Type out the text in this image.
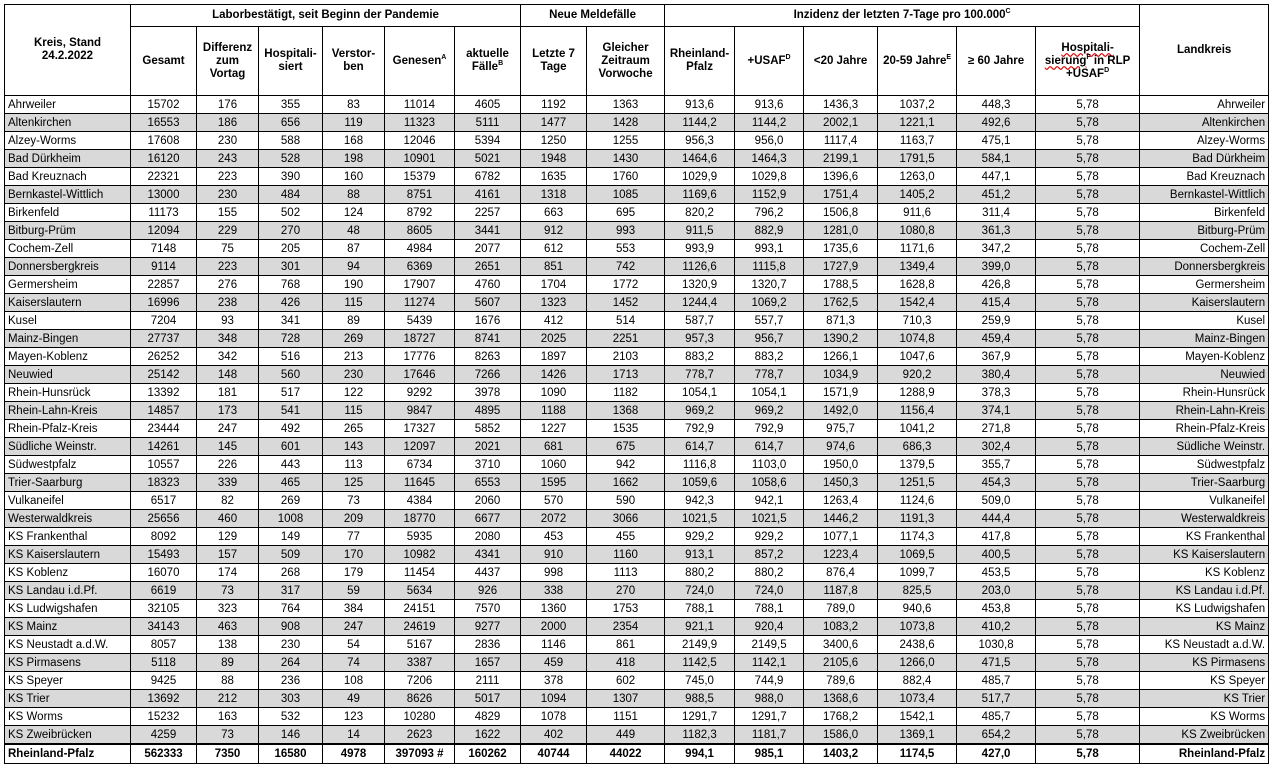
Kreis, Stand
24.2.2022	Laborbestätigt, seit Beginn der Pandemie						Neue Meldefälle		Inzidenz der letzten 7-Tage pro $100.000^C$						Landkreis
	Gesamt	Differenz zum Vortag	Hospitali-siert	Verstor-ben	Genesen$^A$	aktuelle Fälle$^B$	Letzte 7 Tage	Gleicher Zeitraum Vorwoche	Rheinland-Pfalz	$+USAF^D$	<20 Jahre	20-59 Jahre$^E$	≥ 60 Jahre	Hospitali-sierung$^F$ in RLP $+USAF^D$
Ahrweiler	15702	176	355	83	11014	4605	1192	1363	913,6	913,6	1436,3	1037,2	448,3	5,78	Ahrweiler
Altenkirchen	16553	186	656	119	11323	5111	1477	1428	1144,2	1144,2	2002,1	1221,1	492,6	5,78	Altenkirchen
Alzey-Worms	17608	230	588	168	12046	5394	1250	1255	956,3	956,0	1117,4	1163,7	475,1	5,78	Alzey-Worms
Bad Dürkheim	16120	243	528	198	10901	5021	1948	1430	1464,6	1464,3	2199,1	1791,5	584,1	5,78	Bad Dürkheim
Bad Kreuznach	22321	223	390	160	15379	6782	1635	1760	1029,9	1029,8	1396,6	1263,0	447,1	5,78	Bad Kreuznach
Bernkastel-Wittlich	13000	230	484	88	8751	4161	1318	1085	1169,6	1152,9	1751,4	1405,2	451,2	5,78	Bernkastel-Wittlich
Birkenfeld	11173	155	502	124	8792	2257	663	695	820,2	796,2	1506,8	911,6	311,4	5,78	Birkenfeld
Bitburg-Prüm	12094	229	270	48	8605	3441	912	993	911,5	882,9	1281,0	1080,8	361,3	5,78	Bitburg-Prüm
Cochem-Zell	7148	75	205	87	4984	2077	612	553	993,9	993,1	1735,6	1171,6	347,2	5,78	Cochem-Zell
Donnersbergkreis	9114	223	301	94	6369	2651	851	742	1126,6	1115,8	1727,9	1349,4	399,0	5,78	Donnersbergkreis
Germersheim	22857	276	768	190	17907	4760	1704	1772	1320,9	1320,7	1788,5	1628,8	426,8	5,78	Germersheim
Kaiserslautern	16996	238	426	115	11274	5607	1323	1452	1244,4	1069,2	1762,5	1542,4	415,4	5,78	Kaiserslautern
Kusel	7204	93	341	89	5439	1676	412	514	587,7	557,7	871,3	710,3	259,9	5,78	Kusel
Mainz-Bingen	27737	348	728	269	18727	8741	2025	2251	957,3	956,7	1390,2	1074,8	459,4	5,78	Mainz-Bingen
Mayen-Koblenz	26252	342	516	213	17776	8263	1897	2103	883,2	883,2	1266,1	1047,6	367,9	5,78	Mayen-Koblenz
Neuwied	25142	148	560	230	17646	7266	1426	1713	778,7	778,7	1034,9	920,2	380,4	5,78	Neuwied
Rhein-Hunsrück	13392	181	517	122	9292	3978	1090	1182	1054,1	1054,1	1571,9	1288,9	378,3	5,78	Rhein-Hunsrück
Rhein-Lahn-Kreis	14857	173	541	115	9847	4895	1188	1368	969,2	969,2	1492,0	1156,4	374,1	5,78	Rhein-Lahn-Kreis
Rhein-Pfalz-Kreis	23444	247	492	265	17327	5852	1227	1535	792,9	792,9	975,7	1041,2	271,8	5,78	Rhein-Pfalz-Kreis
Südliche Weinstr.	14261	145	601	143	12097	2021	681	675	614,7	614,7	974,6	686,3	302,4	5,78	Südliche Weinstr.
Südwestpfalz	10557	226	443	113	6734	3710	1060	942	1116,8	1103,0	1950,0	1379,5	355,7	5,78	Südwestpfalz
Trier-Saarburg	18323	339	465	125	11645	6553	1595	1662	1059,6	1058,6	1450,3	1251,5	454,3	5,78	Trier-Saarburg
Vulkaneifel	6517	82	269	73	4384	2060	570	590	942,3	942,1	1263,4	1124,6	509,0	5,78	Vulkaneifel
Westerwaldkreis	25656	460	1008	209	18770	6677	2072	3066	1021,5	1021,5	1446,2	1191,3	444,4	5,78	Westerwaldkreis
KS Frankenthal	8092	129	149	77	5935	2080	453	455	929,2	929,2	1077,1	1174,3	417,8	5,78	KS Frankenthal
KS Kaiserslautern	15493	157	509	170	10982	4341	910	1160	913,1	857,2	1223,4	1069,5	400,5	5,78	KS Kaiserslautern
KS Koblenz	16070	174	268	179	11454	4437	998	1113	880,2	880,2	876,4	1099,7	453,5	5,78	KS Koblenz
KS Landau i.d.Pf.	6619	73	317	59	5634	926	338	270	724,0	724,0	1187,8	825,5	203,0	5,78	KS Landau i.d.Pf.
KS Ludwigshafen	32105	323	764	384	24151	7570	1360	1753	788,1	788,1	789,0	940,6	453,8	5,78	KS Ludwigshafen
KS Mainz	34143	463	908	247	24619	9277	2000	2354	921,1	920,4	1083,2	1073,8	410,2	5,78	KS Mainz
KS Neustadt a.d.W.	8057	138	230	54	5167	2836	1146	861	2149,9	2149,5	3400,6	2438,6	1030,8	5,78	KS Neustadt a.d.W.
KS Pirmasens	5118	89	264	74	3387	1657	459	418	1142,5	1142,1	2105,6	1266,0	471,5	5,78	KS Pirmasens
KS Speyer	9425	88	236	108	7206	2111	378	602	745,0	744,9	789,6	882,4	485,7	5,78	KS Speyer
KS Trier	13692	212	303	49	8626	5017	1094	1307	988,5	988,0	1368,6	1073,4	517,7	5,78	KS Trier
KS Worms	15232	163	532	123	10280	4829	1078	1151	1291,7	1291,7	1768,2	1542,1	485,7	5,78	KS Worms
KS Zweibrücken	4259	73	146	14	2623	1622	402	449	1182,3	1181,7	1586,0	1369,1	654,2	5,78	KS Zweibrücken
Rheinland-Pfalz	562333	7350	16580	4978	397093 #	160262	40744	44022	994,1	985,1	1403,2	1174,5	427,0	5,78	Rheinland-Pfalz
